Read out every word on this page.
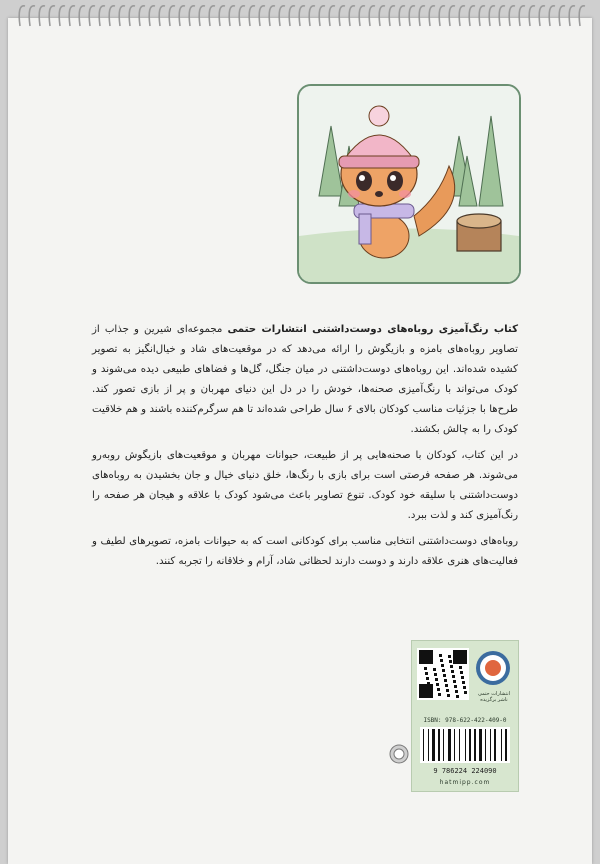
کتاب رنگ‌آمیزی روباه‌های دوست‌داشتنی انتشارات حتمی مجموعه‌ای شیرین و جذاب از تصاویر روباه‌های بامزه و بازیگوش را ارائه می‌دهد که در موقعیت‌های شاد و خیال‌انگیز به تصویر کشیده شده‌اند. این روباه‌های دوست‌داشتنی در میان جنگل، گل‌ها و فضاهای طبیعی دیده می‌شوند و کودک می‌تواند با رنگ‌آمیزی صحنه‌ها، خودش را در دل این دنیای مهربان و پر از بازی تصور کند. طرح‌ها با جزئیات مناسب کودکان بالای ۶ سال طراحی شده‌اند تا هم سرگرم‌کننده باشند و هم خلاقیت کودک را به چالش بکشند.

در این کتاب، کودکان با صحنه‌هایی پر از طبیعت، حیوانات مهربان و موقعیت‌های بازیگوش روبه‌رو می‌شوند. هر صفحه فرصتی است برای بازی با رنگ‌ها، خلق دنیای خیال و جان بخشیدن به روباه‌های دوست‌داشتنی با سلیقه خود کودک. تنوع تصاویر باعث می‌شود کودک با علاقه و هیجان هر صفحه را رنگ‌آمیزی کند و لذت ببرد.

روباه‌های دوست‌داشتنی انتخابی مناسب برای کودکانی است که به حیوانات بامزه، تصویرهای لطیف و فعالیت‌های هنری علاقه دارند و دوست دارند لحظاتی شاد، آرام و خلاقانه را تجربه کنند.

انتشارات حتمی
ناشر برگزیده
ISBN: 978-622-422-409-0
9 786224 224090
hatmipp.com
